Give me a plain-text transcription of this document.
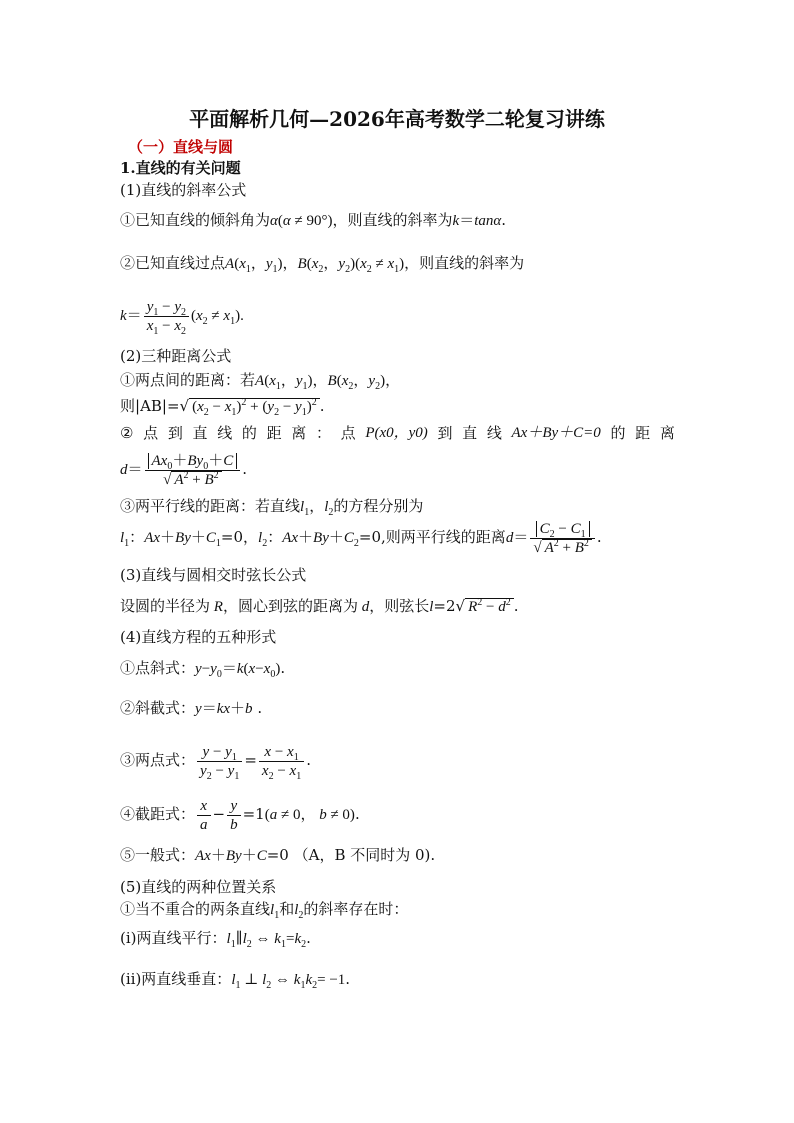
平面解析几何—2026年高考数学二轮复习讲练
（一）直线与圆
1.直线的有关问题
(1)直线的斜率公式
①已知直线的倾斜角为α(α ≠ 90°)，则直线的斜率为k＝tanα.
②已知直线过点$A(x_1$，$y_1$)，$B(x_2$，$y_2)(x_2 \ne x_1)$，则直线的斜率为
$k= \frac{y_1 - y_2}{x_1 - x_2} (x_2 \ne x_1)$.
(2)三种距离公式
①两点间的距离：若$A(x_1$，$y_1$)，$B(x_2$，$y_2$)，
则|AB|=√ $(x_2 - x_1)^2 + (y_2 - y_1)^2$ .
② 点 到 直 线 的 距 离 ： 点 P(x0，y0) 到 直 线 Ax＋By＋C=0 的 距 离
$d= \frac{Ax_0+By_0+C}{√ A^2 + B^2}$ .
③两平行线的距离：若直线$l_1$，$l_2$的方程分别为
$l_1$：$Ax+By+C_1=0$，$l_2$：$Ax+By+C_2=0$,则两平行线的距离$d= \frac{C_2 - C_1}{√ A^2 + B^2}$ .
(3)直线与圆相交时弦长公式
设圆的半径为 R，圆心到弦的距离为 d，则弦长l=2√ $R^2 - d^2$ .
(4)直线方程的五种形式
①点斜式：$y-y_0=k(x-x_0)$.
②斜截式：y＝kx＋b .
③两点式： $\frac{y - y_1}{y_2 - y_1} = \frac{x - x_1}{x_2 - x_1}$ .
④截距式： $\frac{x}{a} - \frac{y}{b} =1(a \ne 0$， b ≠ 0).
⑤一般式：Ax＋By＋C=0 （A，B 不同时为 0).
(5)直线的两种位置关系
①当不重合的两条直线$l_1$和$l_2$的斜率存在时：
(ⅰ)两直线平行：$l_1\parallel l_2$ ⇔ $k_1=k_2$.
(ⅱ)两直线垂直：$l_1$ ⊥ $l_2$ ⇔ $k_1k_2= -1$.
